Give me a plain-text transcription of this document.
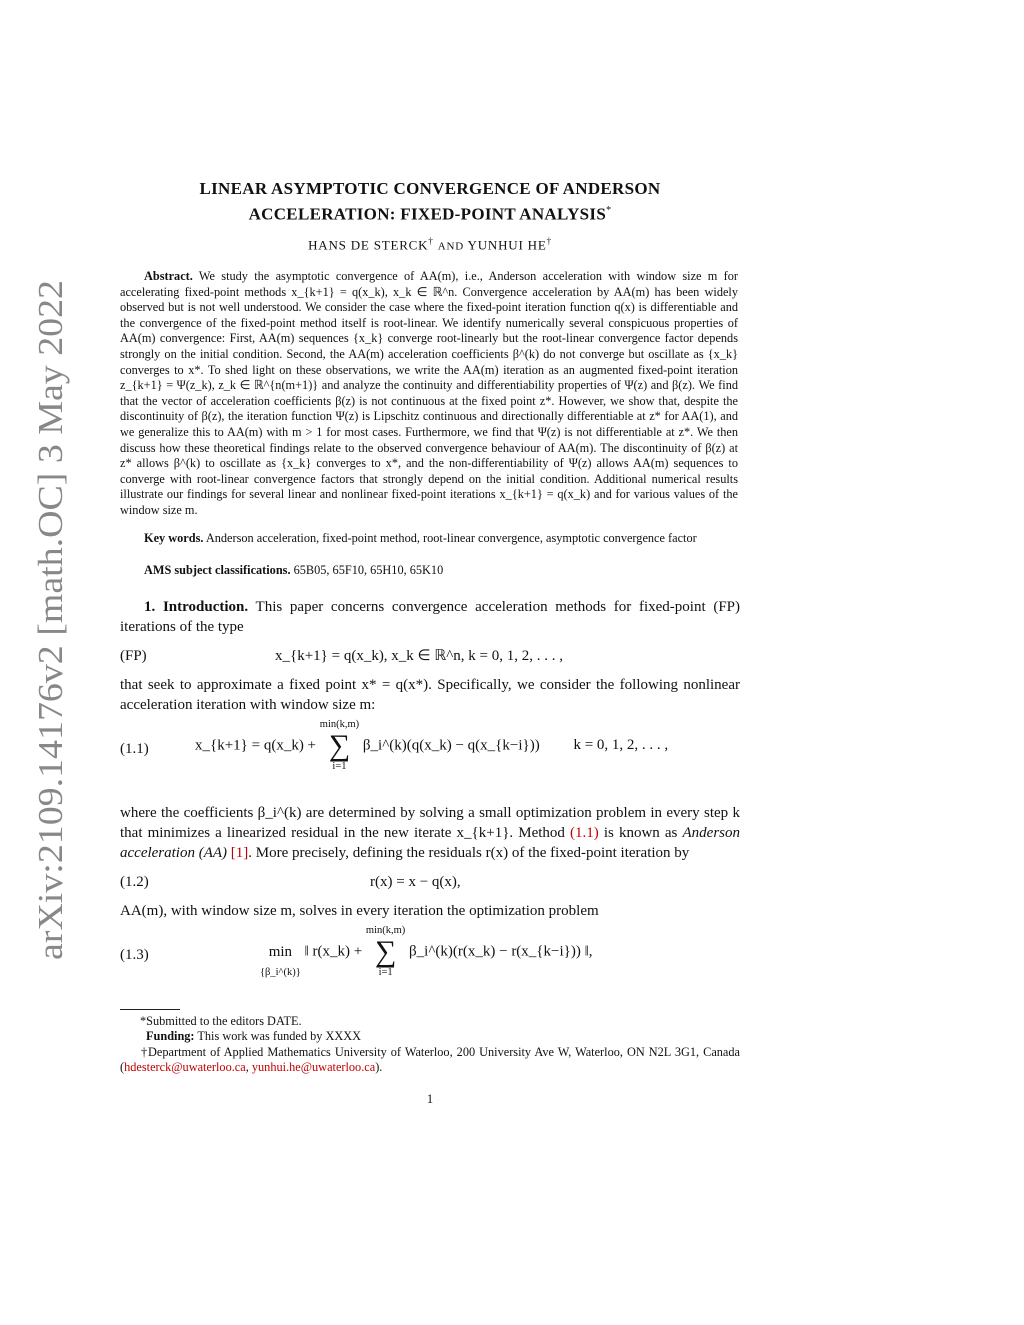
arXiv:2109.14176v2 [math.OC] 3 May 2022
LINEAR ASYMPTOTIC CONVERGENCE OF ANDERSON
ACCELERATION: FIXED-POINT ANALYSIS*

HANS DE STERCK† AND YUNHUI HE†

Abstract. We study the asymptotic convergence of AA(m), i.e., Anderson acceleration with window size m for accelerating fixed-point methods x_{k+1} = q(x_k), x_k ∈ ℝ^n. Convergence acceleration by AA(m) has been widely observed but is not well understood. We consider the case where the fixed-point iteration function q(x) is differentiable and the convergence of the fixed-point method itself is root-linear. We identify numerically several conspicuous properties of AA(m) convergence: First, AA(m) sequences {x_k} converge root-linearly but the root-linear convergence factor depends strongly on the initial condition. Second, the AA(m) acceleration coefficients β^(k) do not converge but oscillate as {x_k} converges to x*. To shed light on these observations, we write the AA(m) iteration as an augmented fixed-point iteration z_{k+1} = Ψ(z_k), z_k ∈ ℝ^{n(m+1)} and analyze the continuity and differentiability properties of Ψ(z) and β(z). We find that the vector of acceleration coefficients β(z) is not continuous at the fixed point z*. However, we show that, despite the discontinuity of β(z), the iteration function Ψ(z) is Lipschitz continuous and directionally differentiable at z* for AA(1), and we generalize this to AA(m) with m > 1 for most cases. Furthermore, we find that Ψ(z) is not differentiable at z*. We then discuss how these theoretical findings relate to the observed convergence behaviour of AA(m). The discontinuity of β(z) at z* allows β^(k) to oscillate as {x_k} converges to x*, and the non-differentiability of Ψ(z) allows AA(m) sequences to converge with root-linear convergence factors that strongly depend on the initial condition. Additional numerical results illustrate our findings for several linear and nonlinear fixed-point iterations x_{k+1} = q(x_k) and for various values of the window size m.

Key words. Anderson acceleration, fixed-point method, root-linear convergence, asymptotic convergence factor

AMS subject classifications. 65B05, 65F10, 65H10, 65K10

1. Introduction. This paper concerns convergence acceleration methods for fixed-point (FP) iterations of the type

(FP)	x_{k+1} = q(x_k), x_k ∈ ℝ^n, k = 0, 1, 2, . . . ,

that seek to approximate a fixed point x* = q(x*). Specifically, we consider the following nonlinear acceleration iteration with window size m:

(1.1)	x_{k+1} = q(x_k) +
min(k,m)
∑
i=1
β_i^(k)(q(x_k) − q(x_{k−i})) k = 0, 1, 2, . . . ,

where the coefficients β_i^(k) are determined by solving a small optimization problem in every step k that minimizes a linearized residual in the new iterate x_{k+1}. Method (1.1) is known as Anderson acceleration (AA) [1]. More precisely, defining the residuals r(x) of the fixed-point iteration by

(1.2)	r(x) = x − q(x),

AA(m), with window size m, solves in every iteration the optimization problem

(1.3)	min
{β_i^(k)}
‖ r(x_k) +
min(k,m)
∑
i=1
β_i^(k)(r(x_k) − r(x_{k−i})) ‖,

*Submitted to the editors DATE.

Funding: This work was funded by XXXX

†Department of Applied Mathematics University of Waterloo, 200 University Ave W, Waterloo, ON N2L 3G1, Canada (hdesterck@uwaterloo.ca, yunhui.he@uwaterloo.ca).

1
